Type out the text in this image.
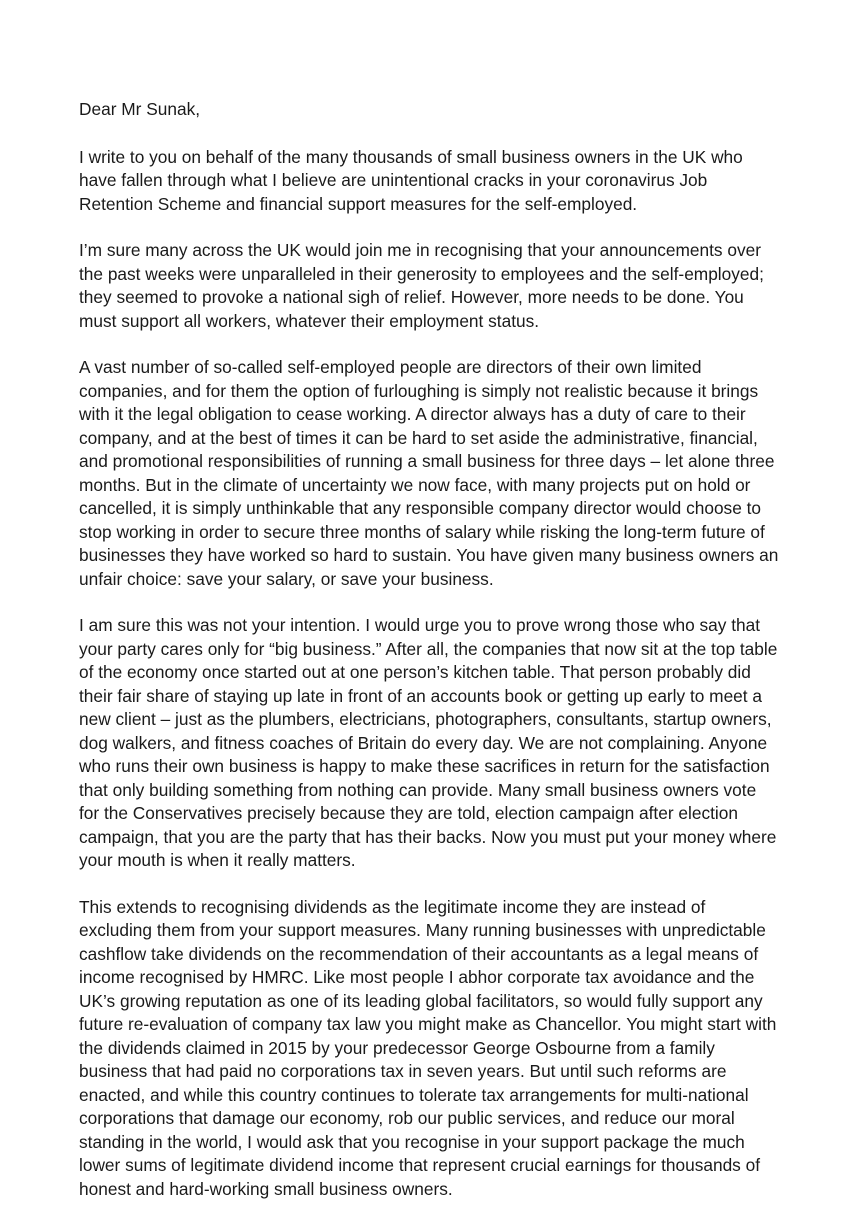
Dear Mr Sunak,

I write to you on behalf of the many thousands of small business owners in the UK who have fallen through what I believe are unintentional cracks in your coronavirus Job Retention Scheme and financial support measures for the self-employed.

I’m sure many across the UK would join me in recognising that your announcements over the past weeks were unparalleled in their generosity to employees and the self-employed; they seemed to provoke a national sigh of relief. However, more needs to be done. You must support all workers, whatever their employment status.

A vast number of so-called self-employed people are directors of their own limited companies, and for them the option of furloughing is simply not realistic because it brings with it the legal obligation to cease working. A director always has a duty of care to their company, and at the best of times it can be hard to set aside the administrative, financial, and promotional responsibilities of running a small business for three days – let alone three months. But in the climate of uncertainty we now face, with many projects put on hold or cancelled, it is simply unthinkable that any responsible company director would choose to stop working in order to secure three months of salary while risking the long-term future of businesses they have worked so hard to sustain. You have given many business owners an unfair choice: save your salary, or save your business.

I am sure this was not your intention. I would urge you to prove wrong those who say that your party cares only for “big business.” After all, the companies that now sit at the top table of the economy once started out at one person’s kitchen table. That person probably did their fair share of staying up late in front of an accounts book or getting up early to meet a new client – just as the plumbers, electricians, photographers, consultants, startup owners, dog walkers, and fitness coaches of Britain do every day. We are not complaining. Anyone who runs their own business is happy to make these sacrifices in return for the satisfaction that only building something from nothing can provide. Many small business owners vote for the Conservatives precisely because they are told, election campaign after election campaign, that you are the party that has their backs. Now you must put your money where your mouth is when it really matters.

This extends to recognising dividends as the legitimate income they are instead of excluding them from your support measures. Many running businesses with unpredictable cashflow take dividends on the recommendation of their accountants as a legal means of income recognised by HMRC. Like most people I abhor corporate tax avoidance and the UK’s growing reputation as one of its leading global facilitators, so would fully support any future re-evaluation of company tax law you might make as Chancellor. You might start with the dividends claimed in 2015 by your predecessor George Osbourne from a family business that had paid no corporations tax in seven years. But until such reforms are enacted, and while this country continues to tolerate tax arrangements for multi-national corporations that damage our economy, rob our public services, and reduce our moral standing in the world, I would ask that you recognise in your support package the much lower sums of legitimate dividend income that represent crucial earnings for thousands of honest and hard-working small business owners.
